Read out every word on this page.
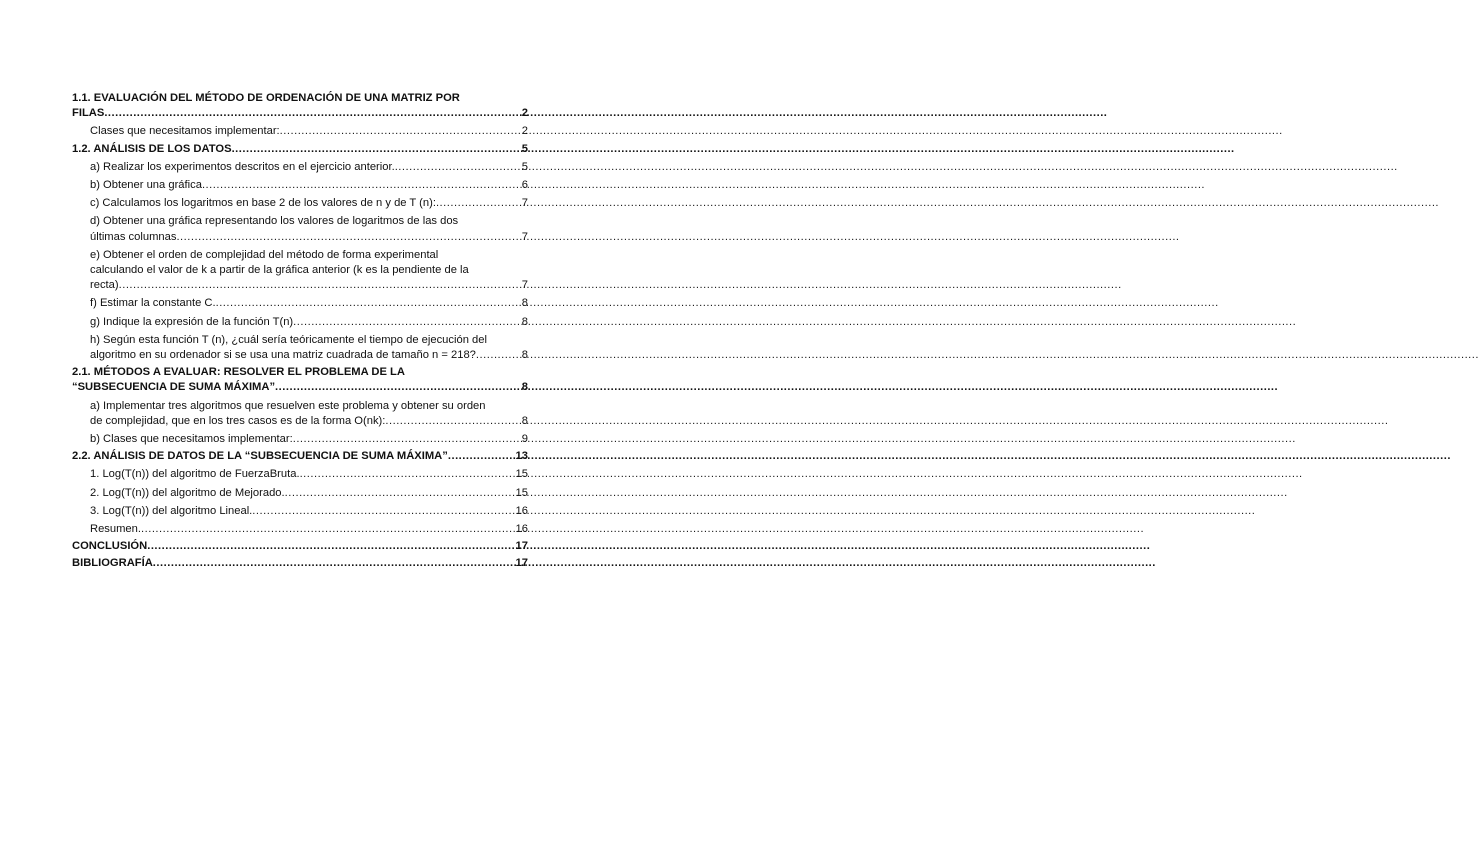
1.1. EVALUACIÓN DEL MÉTODO DE ORDENACIÓN DE UNA MATRIZ POR
FILAS .....	2
Clases que necesitamos implementar: .....	2
1.2. ANÁLISIS DE LOS DATOS .....	5
a) Realizar los experimentos descritos en el ejercicio anterior. .....	5
b) Obtener una gráfica .....	6
c) Calculamos los logaritmos en base 2 de los valores de n y de T (n): .....	7
d) Obtener una gráfica representando los valores de logaritmos de las dos
últimas columnas .....	7
e) Obtener el orden de complejidad del método de forma experimental
calculando el valor de k a partir de la gráfica anterior (k es la pendiente de la
recta) .....	7
f) Estimar la constante C. .....	8
g) Indique la expresión de la función T(n) .....	8
h) Según esta función T (n), ¿cuál sería teóricamente el tiempo de ejecución del
algoritmo en su ordenador si se usa una matriz cuadrada de tamaño n = 218? .....	8
2.1. MÉTODOS A EVALUAR: RESOLVER EL PROBLEMA DE LA
“SUBSECUENCIA DE SUMA MÁXIMA” .....	8
a) Implementar tres algoritmos que resuelven este problema y obtener su orden
de complejidad, que en los tres casos es de la forma O(nk): .....	8
b) Clases que necesitamos implementar: .....	9
2.2. ANÁLISIS DE DATOS DE LA “SUBSECUENCIA DE SUMA MÁXIMA” .....	13
1. Log(T(n)) del algoritmo de FuerzaBruta. .....	15
2. Log(T(n)) del algoritmo de Mejorado. .....	15
3. Log(T(n)) del algoritmo Lineal. .....	16
Resumen. .....	16
CONCLUSIÓN .....	17
BIBLIOGRAFÍA .....	17
